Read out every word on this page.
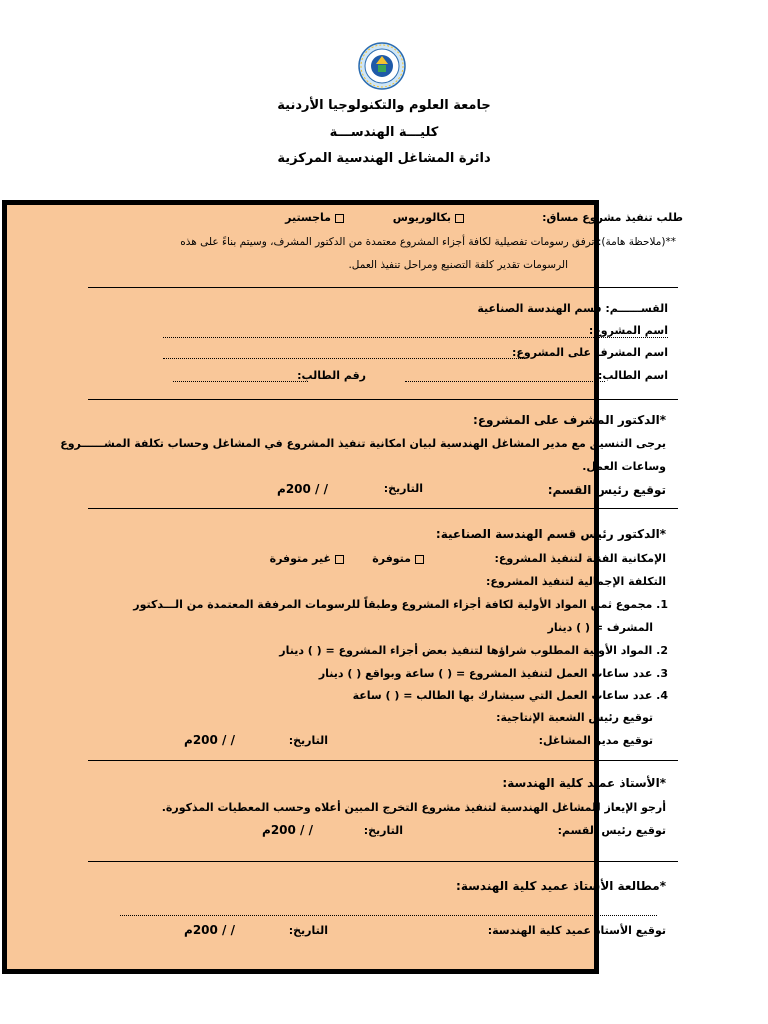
جامعة العلوم والتكنولوجيا الأردنية
كليـــة الهندســـة
دائرة المشاغل الهندسية المركزية
طلب تنفيذ مشروع مساق:
بكالوريوس
ماجستير
**(ملاحظة هامة): ترفق رسومات تفصيلية لكافة أجزاء المشروع معتمدة من الدكتور المشرف، وسيتم بناءً على هذه
الرسومات تقدير كلفة التصنيع ومراحل تنفيذ العمل.
القســــــم: قسم الهندسة الصناعية
اسم المشروع:
اسم المشرف على المشروع:
اسم الطالب:
رقم الطالب:
*الدكتور المشرف على المشروع:
يرجى التنسيق مع مدير المشاغل الهندسية لبيان امكانية تنفيذ المشروع في المشاغل وحساب تكلفة المشــــــروع
وساعات العمل.
توقيع رئيس القسم:
التاريخ:
/ / 200م
*الدكتور رئيس قسم الهندسة الصناعية:
الإمكانية الفنية لتنفيذ المشروع:
متوفرة
غير متوفرة
التكلفة الإجمالية لتنفيذ المشروع:
1. مجموع ثمن المواد الأولية لكافة أجزاء المشروع وطبقاً للرسومات المرفقة المعتمدة من الـــدكتور
المشرف = ( ) دينار
2. المواد الأولية المطلوب شراؤها لتنفيذ بعض أجزاء المشروع = ( ) دينار
3. عدد ساعات العمل لتنفيذ المشروع = ( ) ساعة وبواقع ( ) دينار
4. عدد ساعات العمل التي سيشارك بها الطالب = ( ) ساعة
توقيع رئيس الشعبة الإنتاجية:
توقيع مدير المشاغل:
التاريخ:
/ / 200م
*الأستاذ عميد كلية الهندسة:
أرجو الإيعاز للمشاغل الهندسية لتنفيذ مشروع التخرج المبين أعلاه وحسب المعطيات المذكورة.
توقيع رئيس القسم:
التاريخ:
/ / 200م
*مطالعة الأستاذ عميد كلية الهندسة:
توقيع الأستاذ عميد كلية الهندسة:
التاريخ:
/ / 200م
